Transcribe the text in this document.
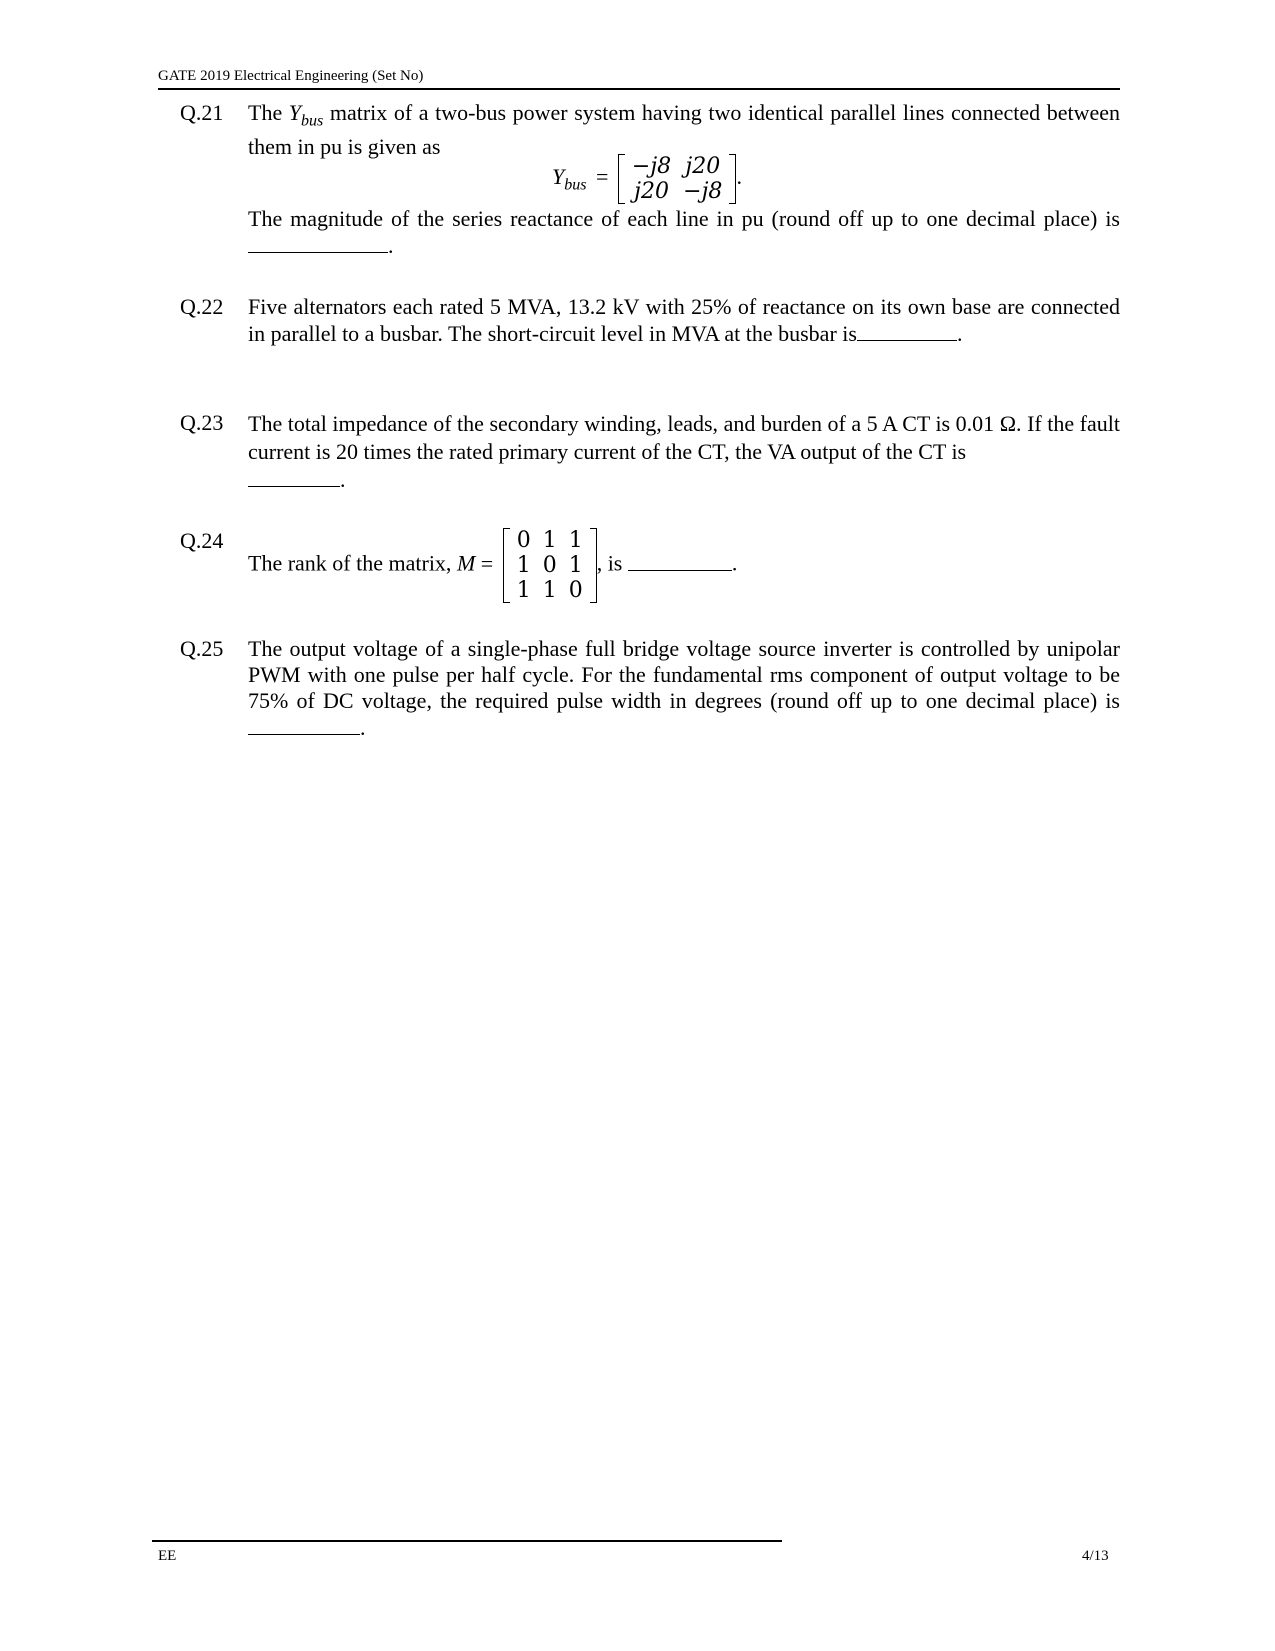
GATE 2019 Electrical Engineering (Set No)
Q.21 The $Y_{bus}$ matrix of a two-bus power system having two identical parallel lines connected between them in pu is given as
$Y_{bus} = -j8$	j20
j20	−j8
.
The magnitude of the series reactance of each line in pu (round off up to one decimal place) is .
Q.22 Five alternators each rated 5 MVA, 13.2 kV with 25% of reactance on its own base are connected in parallel to a busbar. The short-circuit level in MVA at the busbar is	.
Q.23 The total impedance of the secondary winding, leads, and burden of a 5 A CT is 0.01 Ω. If the fault current is 20 times the rated primary current of the CT, the VA output of the CT is
.
Q.24
The rank of the matrix, M =
0	1	1
1	0	1
1	1	0
, is	.
Q.25 The output voltage of a single-phase full bridge voltage source inverter is controlled by unipolar PWM with one pulse per half cycle. For the fundamental rms component of output voltage to be 75% of DC voltage, the required pulse width in degrees (round off up to one decimal place) is .
EE	4/13
